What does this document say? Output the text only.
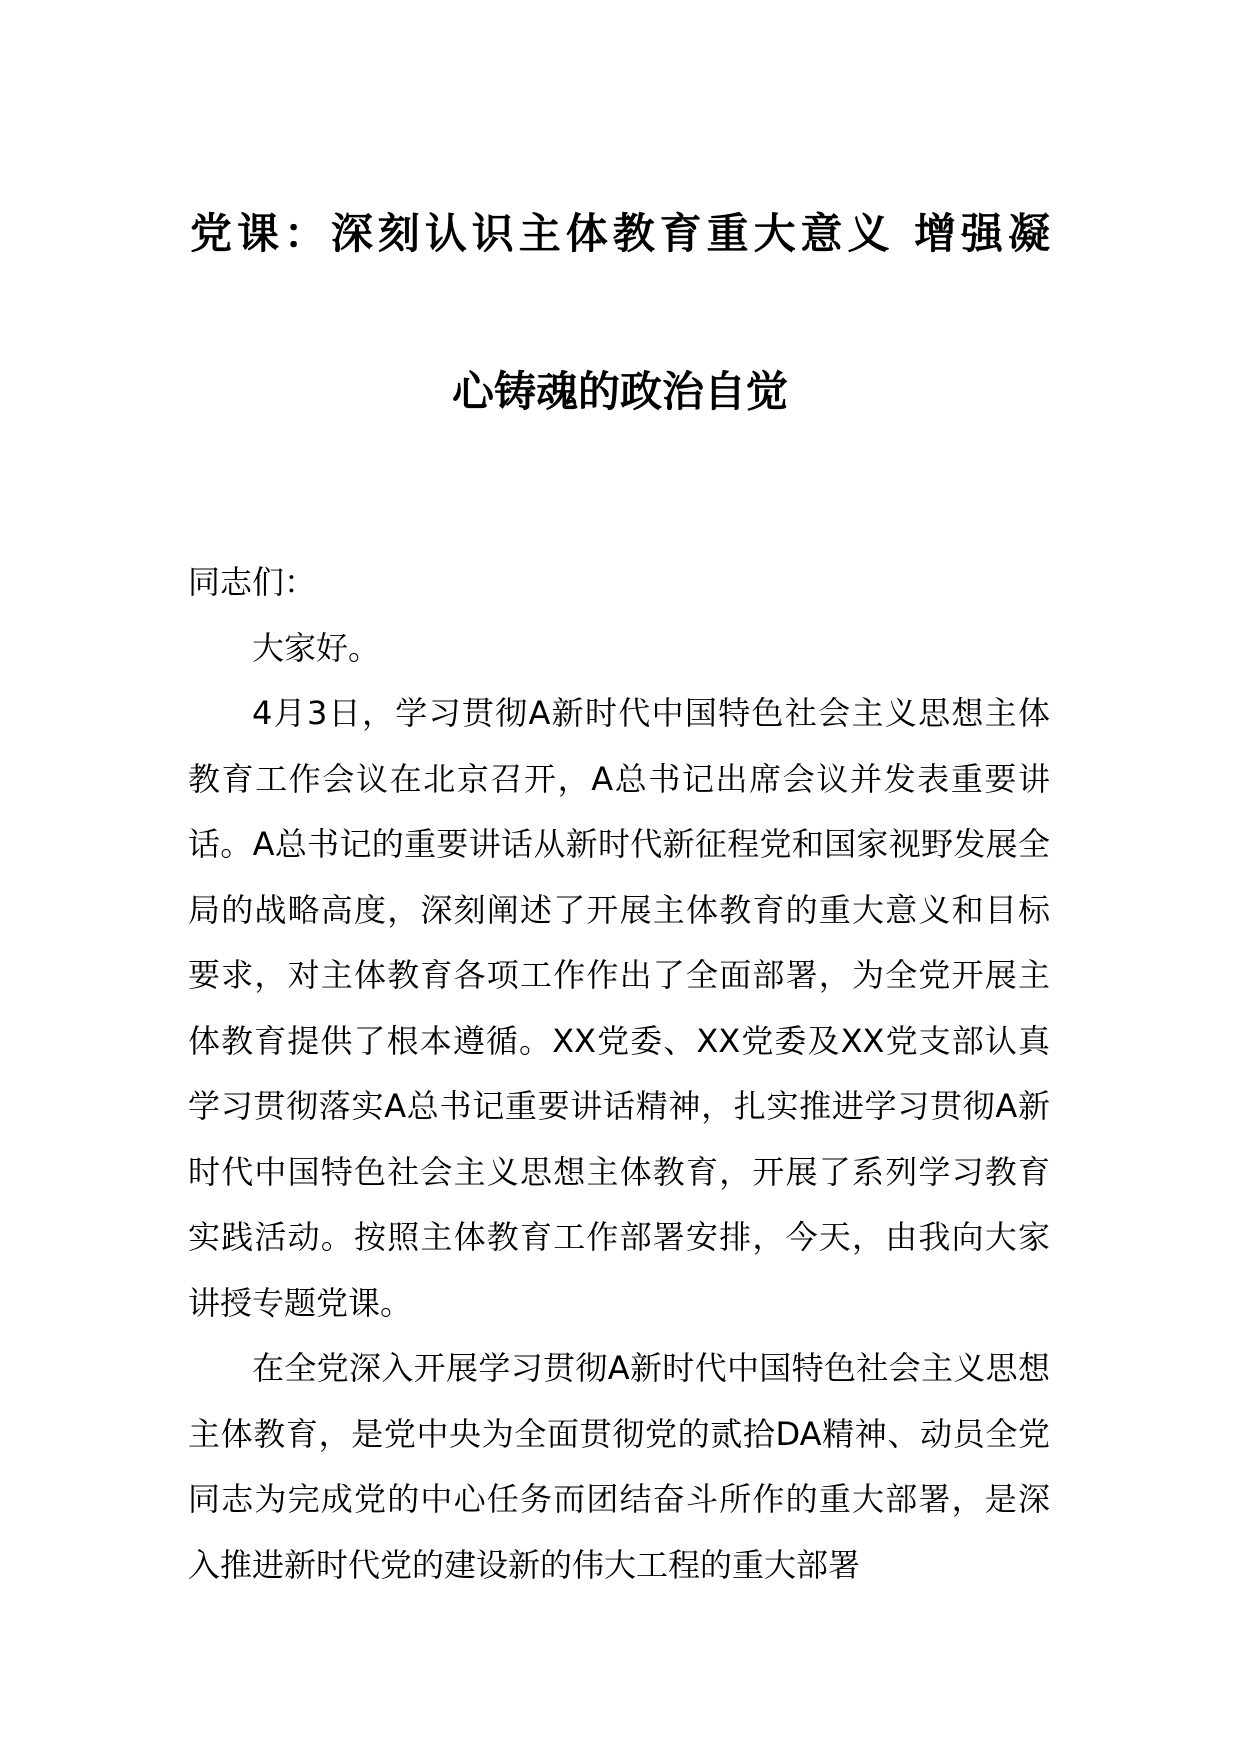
党课：深刻认识主体教育重大意义 增强凝
心铸魂的政治自觉

同志们：

大家好。

4月3日，学习贯彻A新时代中国特色社会主义思想主体教育工作会议在北京召开，A总书记出席会议并发表重要讲话。A总书记的重要讲话从新时代新征程党和国家视野发展全局的战略高度，深刻阐述了开展主体教育的重大意义和目标要求，对主体教育各项工作作出了全面部署，为全党开展主体教育提供了根本遵循。XX党委、XX党委及XX党支部认真学习贯彻落实A总书记重要讲话精神，扎实推进学习贯彻A新时代中国特色社会主义思想主体教育，开展了系列学习教育实践活动。按照主体教育工作部署安排，今天，由我向大家讲授专题党课。

在全党深入开展学习贯彻A新时代中国特色社会主义思想主体教育，是党中央为全面贯彻党的贰拾DA精神、动员全党同志为完成党的中心任务而团结奋斗所作的重大部署，是深入推进新时代党的建设新的伟大工程的重大部署
